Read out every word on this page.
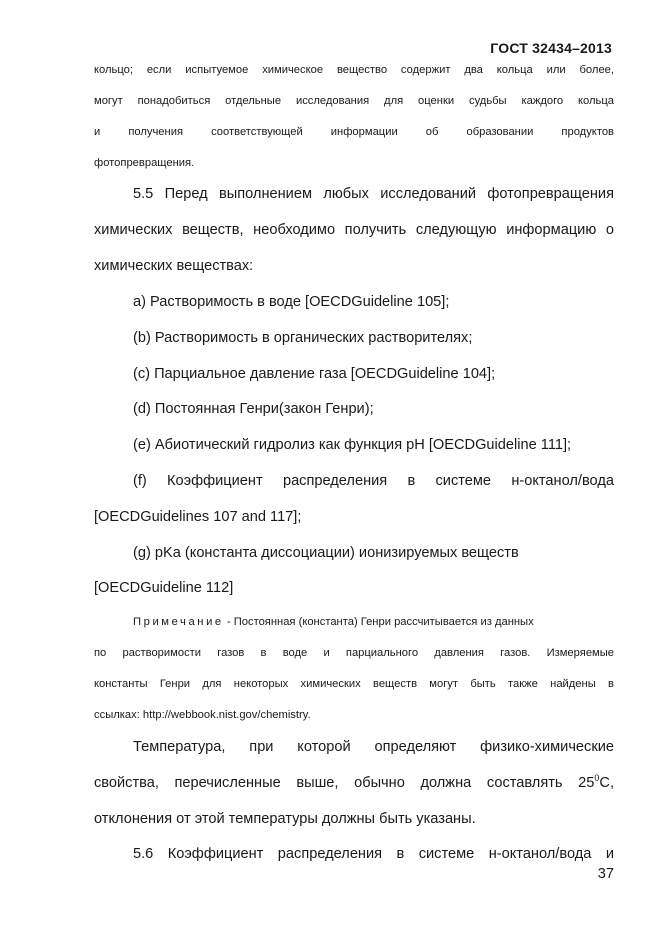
ГОСТ 32434–2013
кольцо; если испытуемое химическое вещество содержит два кольца или более,
могут понадобиться отдельные исследования для оценки судьбы каждого кольца
и получения соответствующей информации об образовании продуктов
фотопревращения.
5.5 Перед выполнением любых исследований фотопревращения
химических веществ, необходимо получить следующую информацию о
химических веществах:
а) Растворимость в воде [OECDGuideline 105];
(b) Растворимость в органических растворителях;
(с) Парциальное давление газа [OECDGuideline 104];
(d) Постоянная Генри(закон Генри);
(e) Абиотический гидролиз как функция pH [OECDGuideline 111];
(f) Коэффициент распределения в системе н-октанол/вода
[OECDGuidelines 107 and 117];
(g) pKa (константа диссоциации) ионизируемых веществ
[OECDGuideline 112]
Примечание - Постоянная (константа) Генри рассчитывается из данных
по растворимости газов в воде и парциального давления газов. Измеряемые
константы Генри для некоторых химических веществ могут быть также найдены в
ссылках: http://webbook.nist.gov/chemistry.
Температура, при которой определяют физико-химические
свойства, перечисленные выше, обычно должна составлять $25^0С$,
отклонения от этой температуры должны быть указаны.
5.6 Коэффициент распределения в системе н-октанол/вода и
37
